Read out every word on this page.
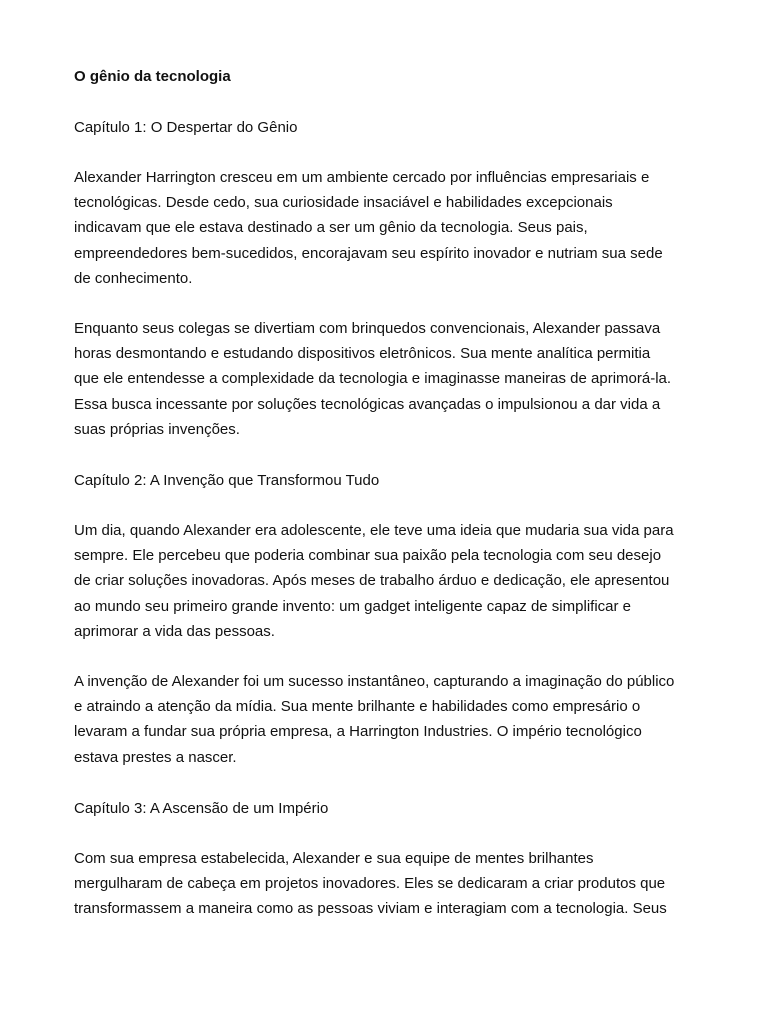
O gênio da tecnologia

Capítulo 1: O Despertar do Gênio

Alexander Harrington cresceu em um ambiente cercado por influências empresariais e
tecnológicas. Desde cedo, sua curiosidade insaciável e habilidades excepcionais
indicavam que ele estava destinado a ser um gênio da tecnologia. Seus pais,
empreendedores bem-sucedidos, encorajavam seu espírito inovador e nutriam sua sede
de conhecimento.

Enquanto seus colegas se divertiam com brinquedos convencionais, Alexander passava
horas desmontando e estudando dispositivos eletrônicos. Sua mente analítica permitia
que ele entendesse a complexidade da tecnologia e imaginasse maneiras de aprimorá-la.
Essa busca incessante por soluções tecnológicas avançadas o impulsionou a dar vida a
suas próprias invenções.

Capítulo 2: A Invenção que Transformou Tudo

Um dia, quando Alexander era adolescente, ele teve uma ideia que mudaria sua vida para
sempre. Ele percebeu que poderia combinar sua paixão pela tecnologia com seu desejo
de criar soluções inovadoras. Após meses de trabalho árduo e dedicação, ele apresentou
ao mundo seu primeiro grande invento: um gadget inteligente capaz de simplificar e
aprimorar a vida das pessoas.

A invenção de Alexander foi um sucesso instantâneo, capturando a imaginação do público
e atraindo a atenção da mídia. Sua mente brilhante e habilidades como empresário o
levaram a fundar sua própria empresa, a Harrington Industries. O império tecnológico
estava prestes a nascer.

Capítulo 3: A Ascensão de um Império

Com sua empresa estabelecida, Alexander e sua equipe de mentes brilhantes
mergulharam de cabeça em projetos inovadores. Eles se dedicaram a criar produtos que
transformassem a maneira como as pessoas viviam e interagiam com a tecnologia. Seus
